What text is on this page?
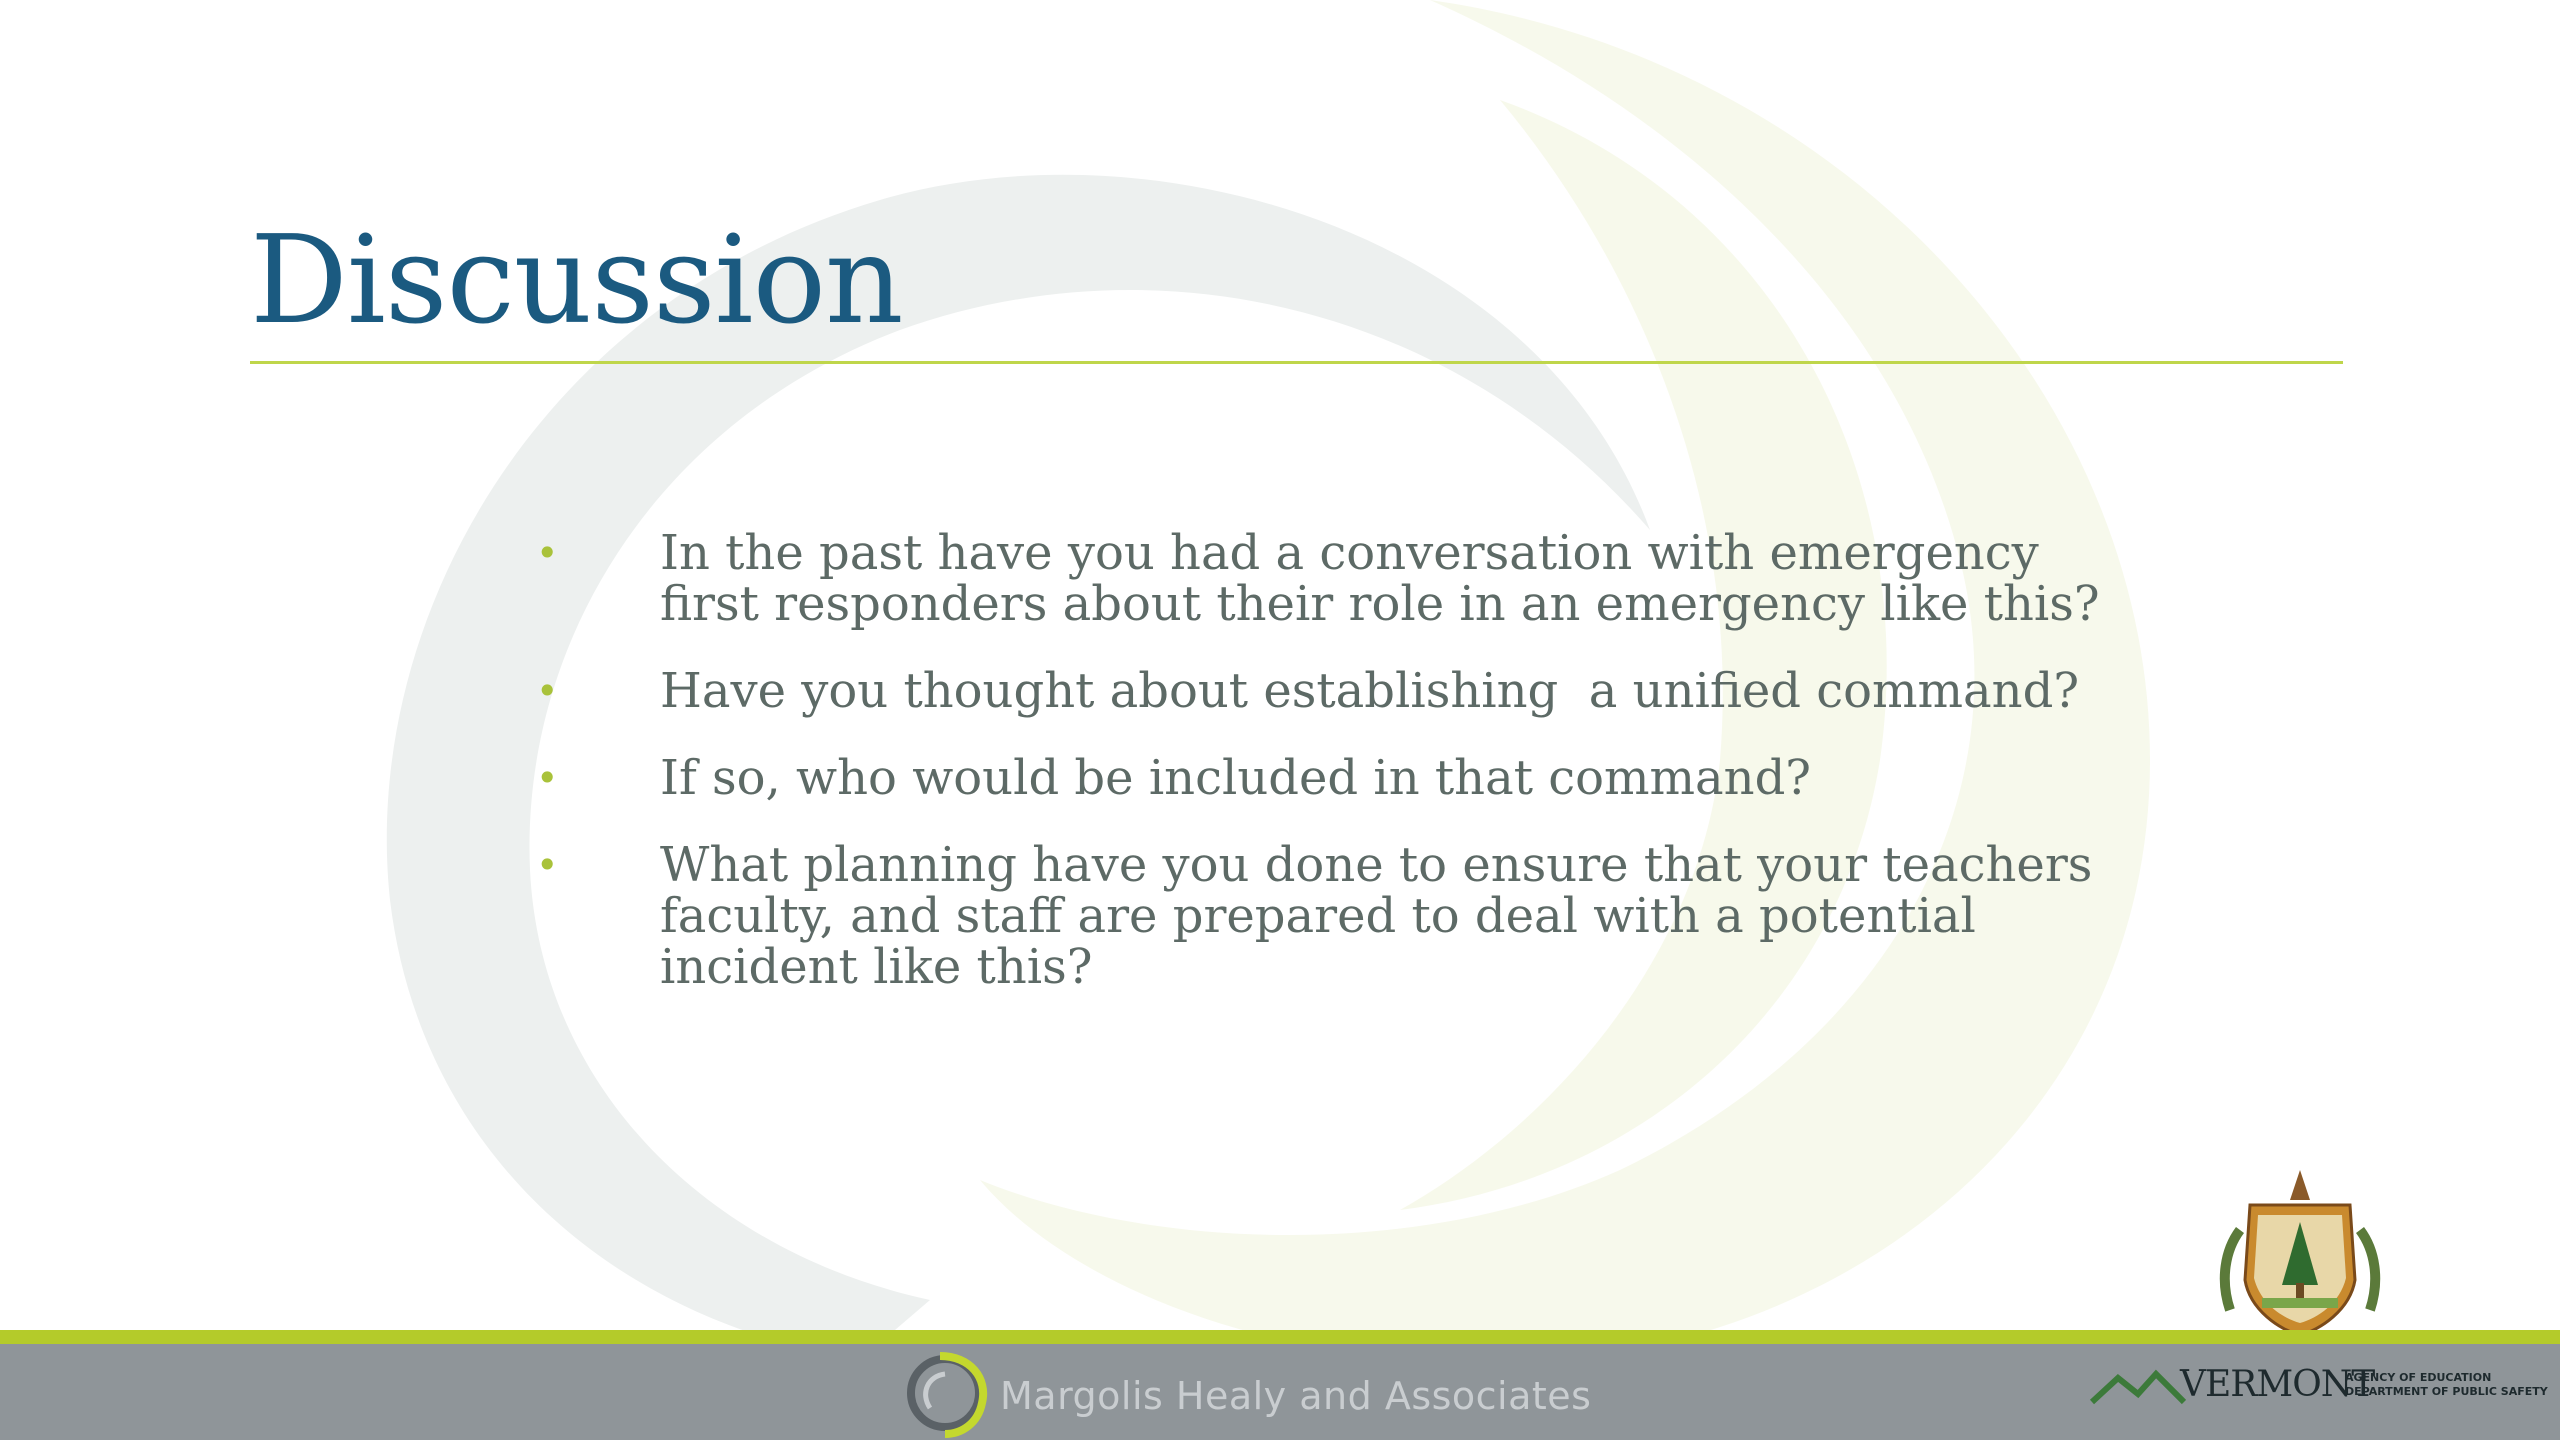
Discussion
• In the past have you had a conversation with emergency
first responders about their role in an emergency like this?
• Have you thought about establishing  a unified command?
• If so, who would be included in that command?
• What planning have you done to ensure that your teachers
faculty, and staff are prepared to deal with a potential
incident like this?
Margolis Healy and Associates	VERMONT
AGENCY OF EDUCATION
DEPARTMENT OF PUBLIC SAFETY
